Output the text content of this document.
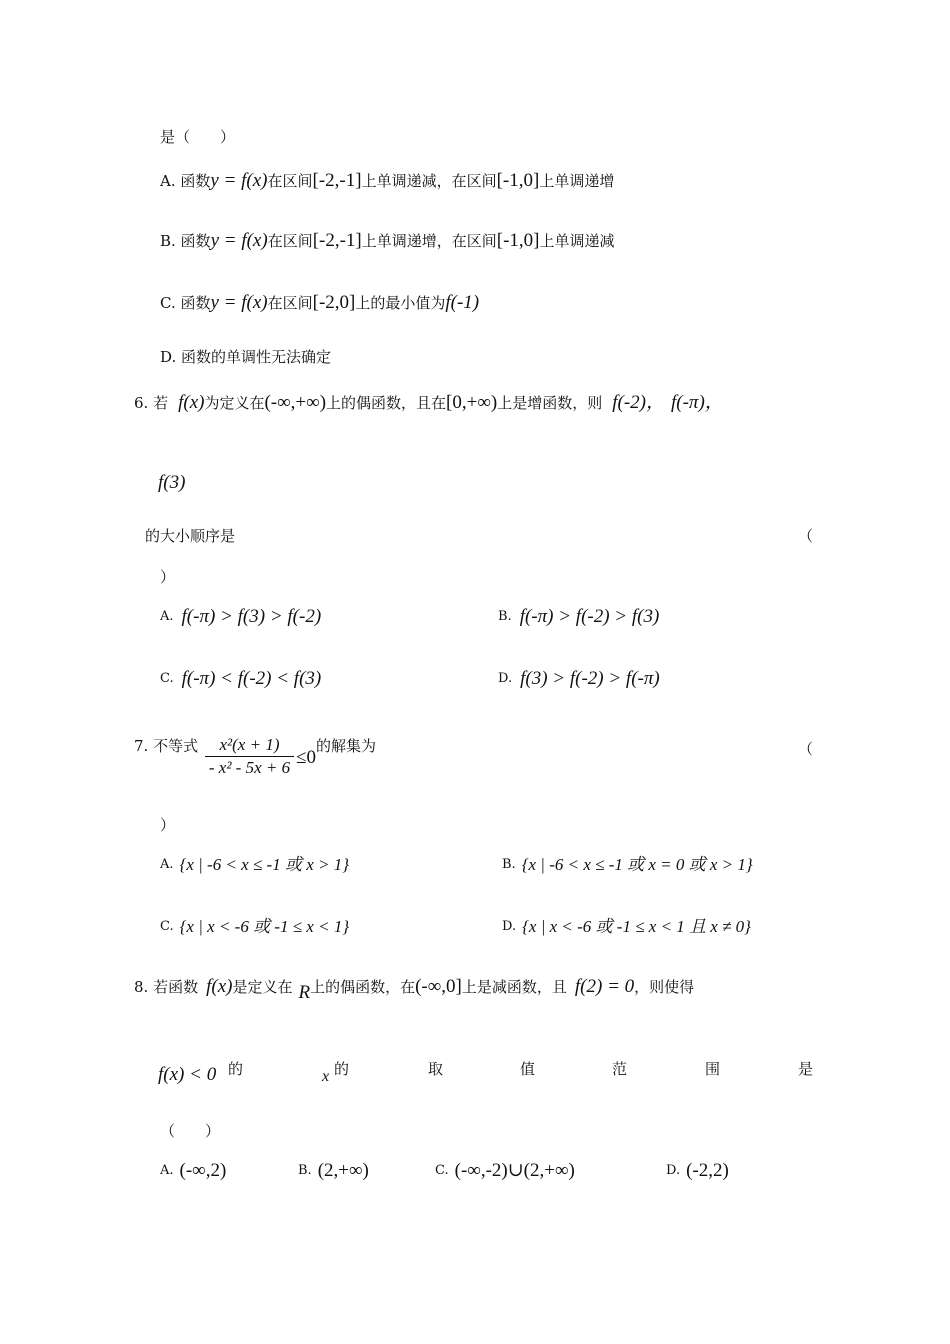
是（　　）
A. 函数y = f(x)在区间[-2,-1]上单调递减，在区间[-1,0]上单调递增
B. 函数y = f(x)在区间[-2,-1]上单调递增，在区间[-1,0]上单调递减
C. 函数y = f(x)在区间[-2,0]上的最小值为f(-1)
D. 函数的单调性无法确定
6. 若 f(x)为定义在(-∞,+∞)上的偶函数，且在[0,+∞)上是增函数，则 f(-2)， f(-π)，
f(3)
的大小顺序是	（
）
A. f(-π) > f(3) > f(-2)	B. f(-π) > f(-2) > f(3)
C. f(-π) < f(-2) < f(3)	D. f(3) > f(-2) > f(-π)
7. 不等式 $\frac{\text{x²(x + 1)}}{\text{- x² - 5x + 6}} \le 0$的解集为	（
）
A. {x | -6 < x ≤ -1 或 x > 1}	B. {x | -6 < x ≤ -1 或 x = 0 或 x > 1}
C. {x | x < -6 或 -1 ≤ x < 1}	D. {x | x < -6 或 -1 ≤ x < 1 且 x ≠ 0}
8. 若函数 f(x)是定义在 R上的偶函数，在(-∞,0]上是减函数，且 f(2) = 0，则使得
f(x) < 0 的	x 的	取	值	范	围	是
（　　）
A. (-∞,2)	B. (2,+∞)	C. (-∞,-2)∪(2,+∞)	D. (-2,2)
